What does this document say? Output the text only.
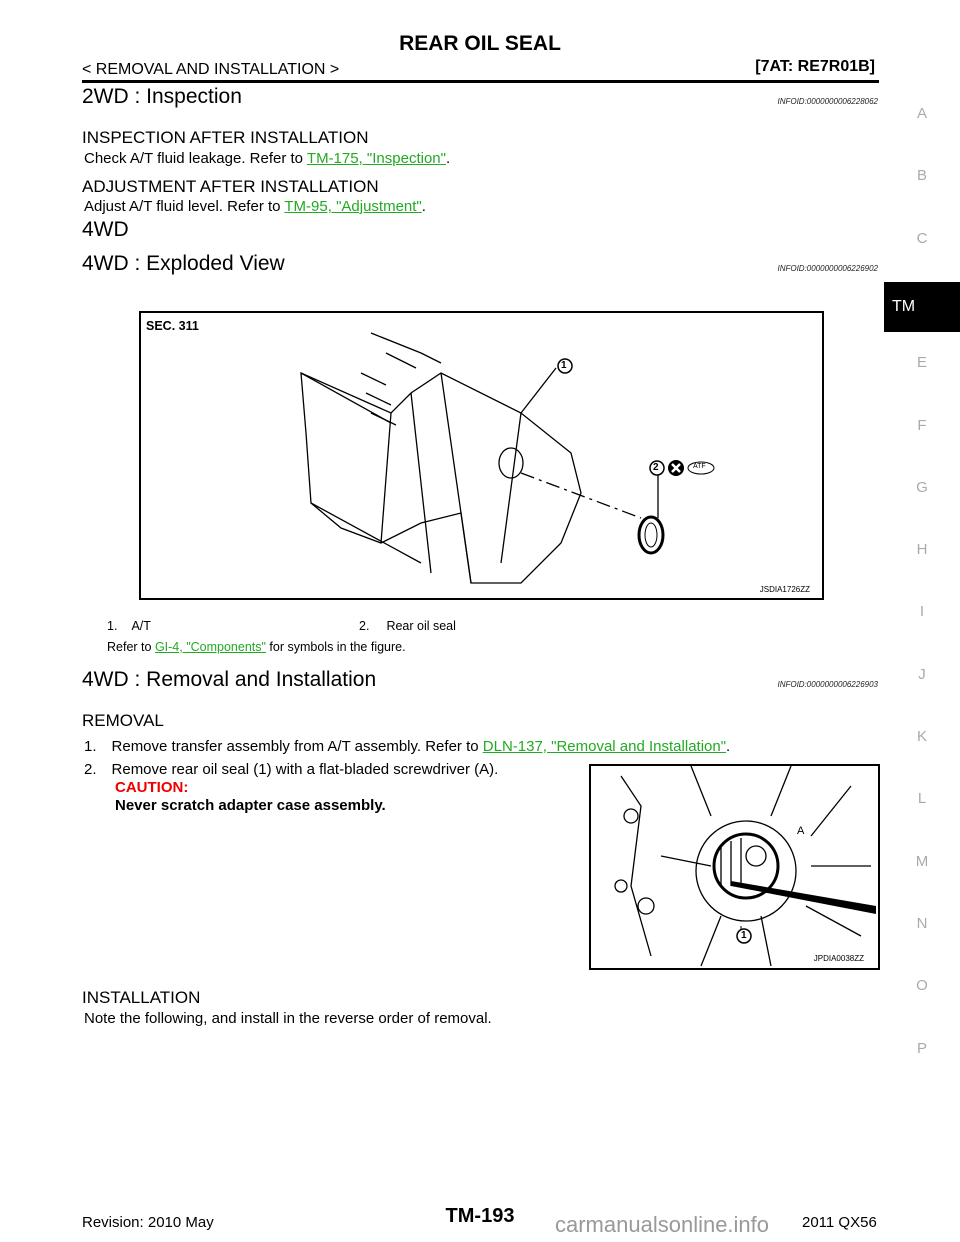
REAR OIL SEAL
< REMOVAL AND INSTALLATION >	[7AT: RE7R01B]
A
B
C
TM
E
F
G
H
I
J
K
L
M
N
O
P
2WD : Inspection	INFOID:0000000006228062
INSPECTION AFTER INSTALLATION
Check A/T fluid leakage. Refer to TM-175, "Inspection".
ADJUSTMENT AFTER INSTALLATION
Adjust A/T fluid level. Refer to TM-95, "Adjustment".
4WD
4WD : Exploded View	INFOID:0000000006226902
SEC. 311
1
2	ATF
JSDIA1726ZZ
1. A/T	2. Rear oil seal
Refer to GI-4, "Components" for symbols in the figure.
4WD : Removal and Installation	INFOID:0000000006226903
REMOVAL
1. Remove transfer assembly from A/T assembly. Refer to DLN-137, "Removal and Installation".
2. Remove rear oil seal (1) with a flat-bladed screwdriver (A).
CAUTION:
Never scratch adapter case assembly.
A
1
JPDIA0038ZZ
INSTALLATION
Note the following, and install in the reverse order of removal.
Revision: 2010 May	TM-193	2011 QX56
carmanualsonline.info
